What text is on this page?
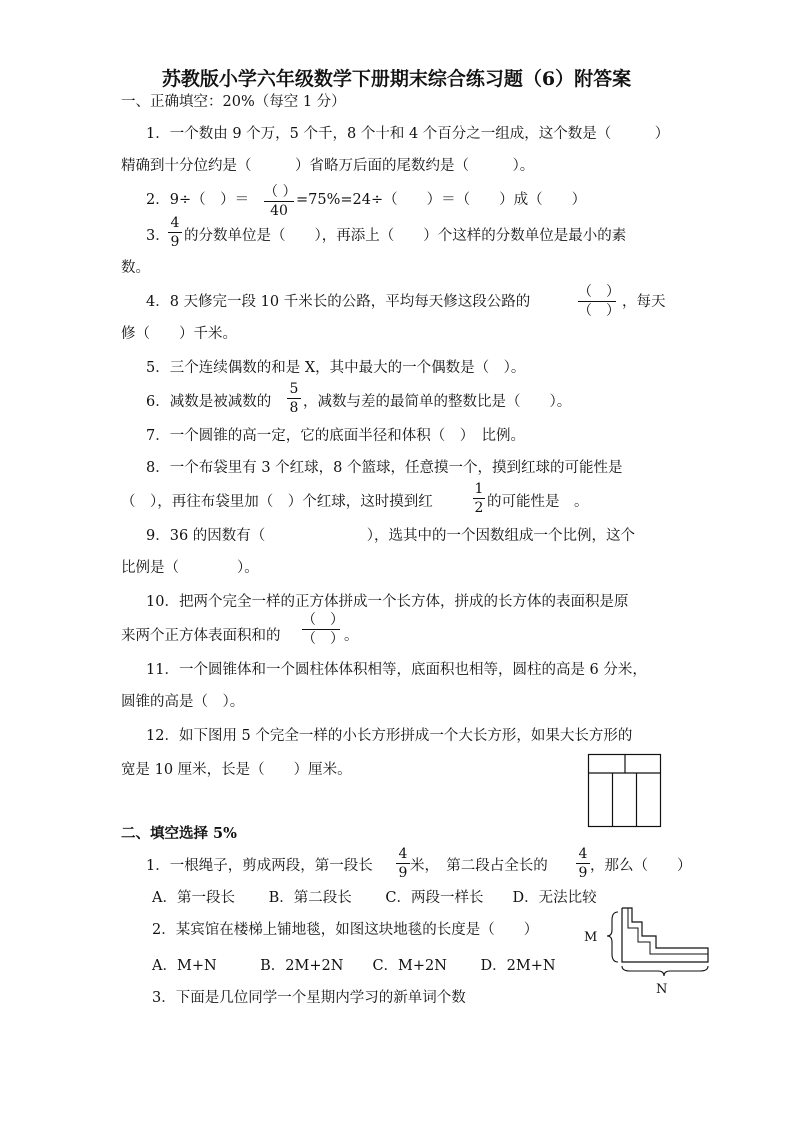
苏教版小学六年级数学下册期末综合练习题（6）附答案
一、正确填空：20%（每空 1 分）
1．一个数由 9 个万，5 个千，8 个十和 4 个百分之一组成，这个数是（　　　）
精确到十分位约是（　　　）省略万后面的尾数约是（　　　）。
2．9÷（　）＝ （ ）
40
=75%=24÷（　　）＝（　　）成（　　）
3．
4
9 的分数单位是（　　），再添上（　　）个这样的分数单位是最小的素
数。
4．8 天修完一段 10 千米长的公路，平均每天修这段公路的
（　）
（　）
，每天
修（　　）千米。
5．三个连续偶数的和是 X，其中最大的一个偶数是（　）。
6．减数是被减数的
5
8 ，减数与差的最简单的整数比是（　　）。
7．一个圆锥的高一定，它的底面半径和体积（　）　比例。
8．一个布袋里有 3 个红球，8 个篮球，任意摸一个，摸到红球的可能性是
（　），再往布袋里加（　）个红球，这时摸到红
1
2 的可能性是　。
9．36 的因数有（　　　　　　　），选其中的一个因数组成一个比例，这个
比例是（　　　　）。
10．把两个完全一样的正方体拼成一个长方体，拼成的长方体的表面积是原
来两个正方体表面积和的
（　）
（　） 。
11．一个圆锥体和一个圆柱体体积相等，底面积也相等，圆柱的高是 6 分米，
圆锥的高是（　）。
12．如下图用 5 个完全一样的小长方形拼成一个大长方形，如果大长方形的
宽是 10 厘米，长是（　　）厘米。
二、填空选择 5%
1．一根绳子，剪成两段，第一段长
4
9 米，　第二段占全长的
4
9 ，那么（　　）
A．第一段长　　 B．第二段长　　 C．两段一样长　　D．无法比较
2．某宾馆在楼梯上铺地毯，如图这块地毯的长度是（　　）
A．M+N　　　B．2M+2N　　C．M+2N　　 D．2M+N
M
N
3．下面是几位同学一个星期内学习的新单词个数
